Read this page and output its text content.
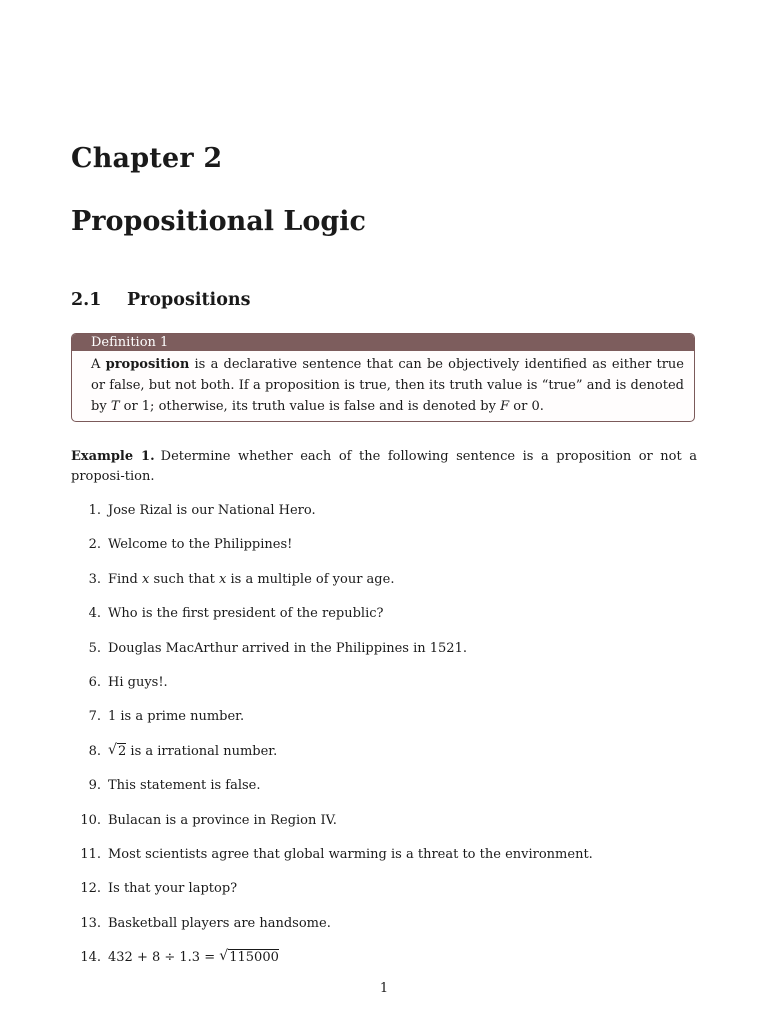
Chapter 2
Propositional Logic
2.1 Propositions
Definition 1
A proposition is a declarative sentence that can be objectively identified as either true or false, but not both. If a proposition is true, then its truth value is “true” and is denoted by T or 1; otherwise, its truth value is false and is denoted by F or 0.
Example 1. Determine whether each of the following sentence is a proposition or not a proposi-tion.
1. Jose Rizal is our National Hero.
2. Welcome to the Philippines!
3. Find x such that x is a multiple of your age.
4. Who is the first president of the republic?
5. Douglas MacArthur arrived in the Philippines in 1521.
6. Hi guys!.
7. 1 is a prime number.
8. √ 2 is a irrational number.
9. This statement is false.
10. Bulacan is a province in Region IV.
11. Most scientists agree that global warming is a threat to the environment.
12. Is that your laptop?
13. Basketball players are handsome.
14. 432 + 8 ÷ 1.3 = √ 115000
1
